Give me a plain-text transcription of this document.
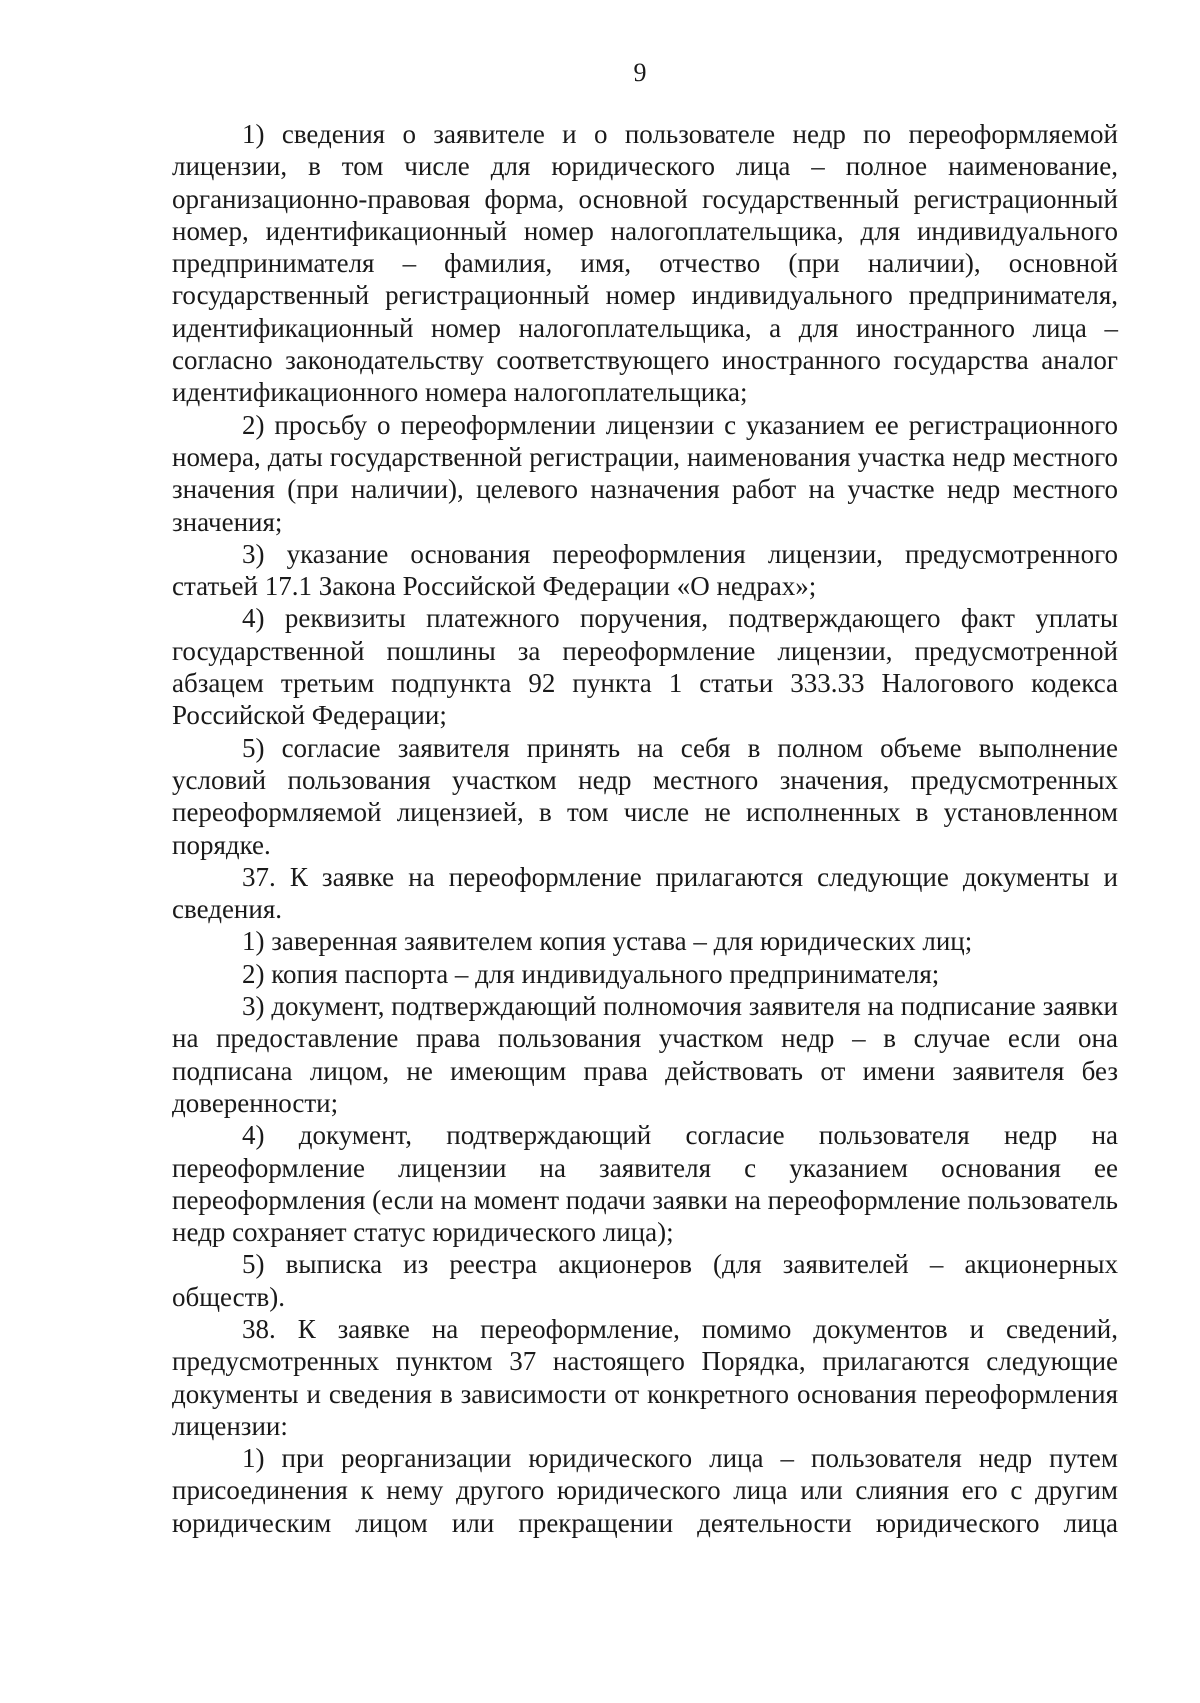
9

1) сведения о заявителе и о пользователе недр по переоформляемой лицензии, в том числе для юридического лица – полное наименование, организационно-правовая форма, основной государственный регистрационный номер, идентификационный номер налогоплательщика, для индивидуального предпринимателя – фамилия, имя, отчество (при наличии), основной государственный регистрационный номер индивидуального предпринимателя, идентификационный номер налогоплательщика, а для иностранного лица – согласно законодательству соответствующего иностранного государства аналог идентификационного номера налогоплательщика;

2) просьбу о переоформлении лицензии с указанием ее регистрационного номера, даты государственной регистрации, наименования участка недр местного значения (при наличии), целевого назначения работ на участке недр местного значения;

3) указание основания переоформления лицензии, предусмотренного статьей 17.1 Закона Российской Федерации «О недрах»;

4) реквизиты платежного поручения, подтверждающего факт уплаты государственной пошлины за переоформление лицензии, предусмотренной абзацем третьим подпункта 92 пункта 1 статьи 333.33 Налогового кодекса Российской Федерации;

5) согласие заявителя принять на себя в полном объеме выполнение условий пользования участком недр местного значения, предусмотренных переоформляемой лицензией, в том числе не исполненных в установленном порядке.

37. К заявке на переоформление прилагаются следующие документы и сведения.

1) заверенная заявителем копия устава – для юридических лиц;

2) копия паспорта – для индивидуального предпринимателя;

3) документ, подтверждающий полномочия заявителя на подписание заявки на предоставление права пользования участком недр – в случае если она подписана лицом, не имеющим права действовать от имени заявителя без доверенности;

4) документ, подтверждающий согласие пользователя недр на переоформление лицензии на заявителя с указанием основания ее переоформления (если на момент подачи заявки на переоформление пользователь недр сохраняет статус юридического лица);

5) выписка из реестра акционеров (для заявителей – акционерных обществ).

38. К заявке на переоформление, помимо документов и сведений, предусмотренных пунктом 37 настоящего Порядка, прилагаются следующие документы и сведения в зависимости от конкретного основания переоформления лицензии:

1) при реорганизации юридического лица – пользователя недр путем присоединения к нему другого юридического лица или слияния его с другим юридическим лицом или прекращении деятельности юридического лица
